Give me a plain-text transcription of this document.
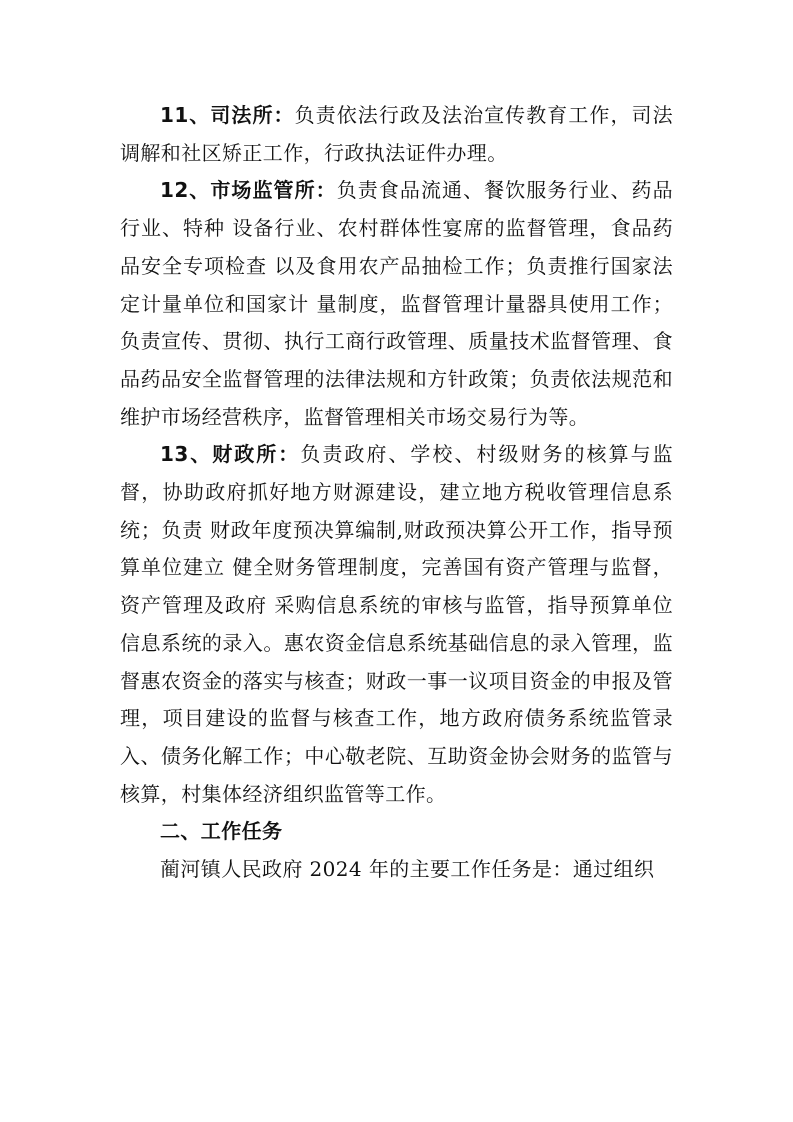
11、司法所：负责依法行政及法治宣传教育工作，司法调解和社区矫正工作，行政执法证件办理。

12、市场监管所：负责食品流通、餐饮服务行业、药品行业、特种 设备行业、农村群体性宴席的监督管理，食品药品安全专项检查 以及食用农产品抽检工作；负责推行国家法定计量单位和国家计 量制度，监督管理计量器具使用工作；负责宣传、贯彻、执行工商行政管理、质量技术监督管理、食品药品安全监督管理的法律法规和方针政策；负责依法规范和维护市场经营秩序，监督管理相关市场交易行为等。

13、财政所：负责政府、学校、村级财务的核算与监督，协助政府抓好地方财源建设，建立地方税收管理信息系统；负责 财政年度预决算编制,财政预决算公开工作，指导预算单位建立 健全财务管理制度，完善国有资产管理与监督，资产管理及政府 采购信息系统的审核与监管，指导预算单位信息系统的录入。惠农资金信息系统基础信息的录入管理，监督惠农资金的落实与核查；财政一事一议项目资金的申报及管理，项目建设的监督与核查工作，地方政府债务系统监管录入、债务化解工作；中心敬老院、互助资金协会财务的监管与核算，村集体经济组织监管等工作。

二、工作任务

蔺河镇人民政府 2024 年的主要工作任务是：通过组织
